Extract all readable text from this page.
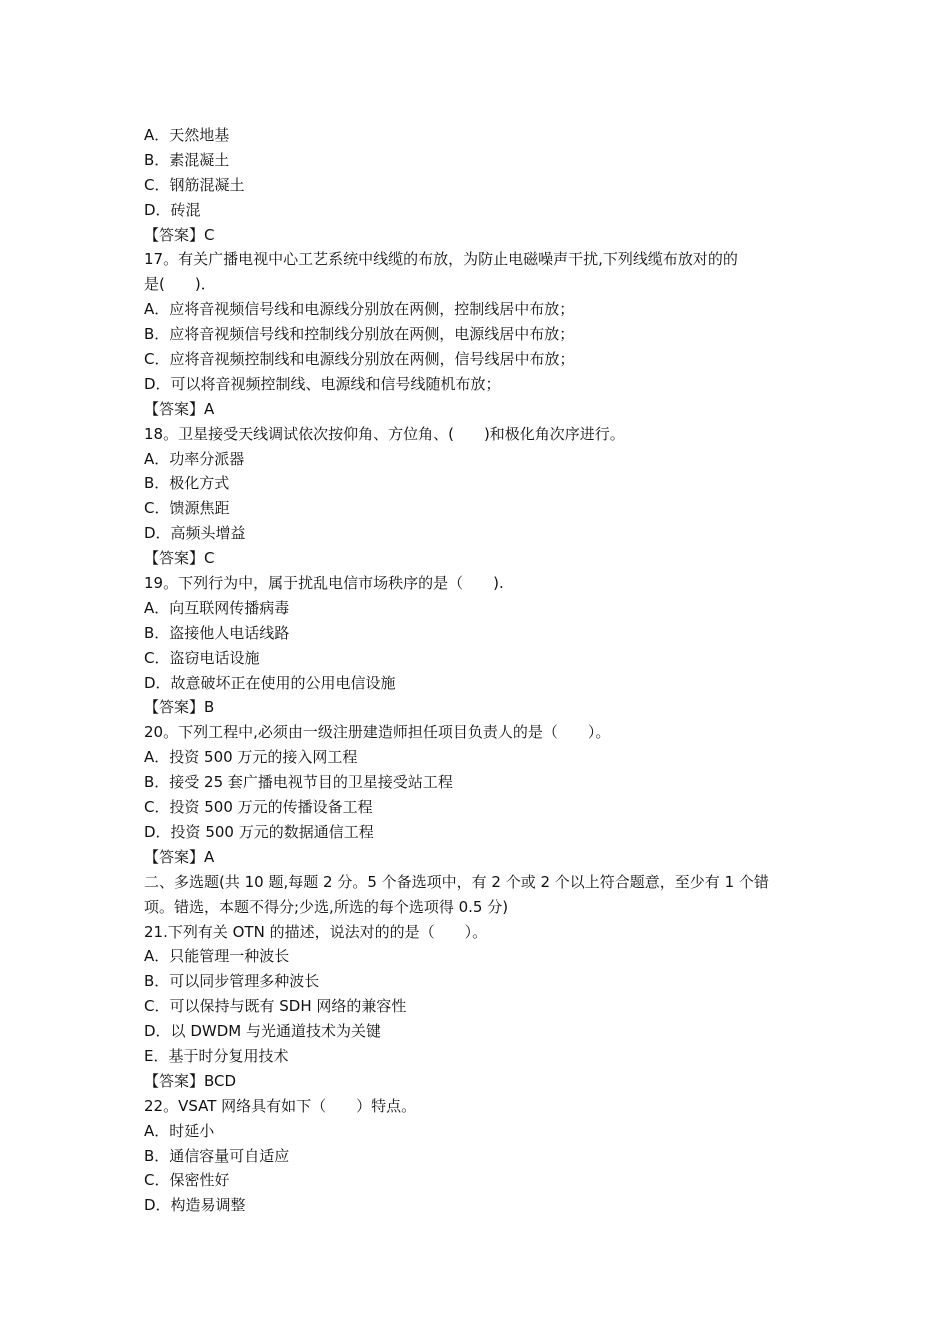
A．天然地基
B．素混凝土
C．钢筋混凝土
D．砖混
【答案】C
17。有关广播电视中心工艺系统中线缆的布放，为防止电磁噪声干扰,下列线缆布放对的的
是(　　)．
A．应将音视频信号线和电源线分别放在两侧，控制线居中布放；
B．应将音视频信号线和控制线分别放在两侧，电源线居中布放；
C．应将音视频控制线和电源线分别放在两侧，信号线居中布放；
D．可以将音视频控制线、电源线和信号线随机布放；
【答案】A
18。卫星接受天线调试依次按仰角、方位角、(　　)和极化角次序进行。
A．功率分派器
B．极化方式
C．馈源焦距
D．高频头增益
【答案】C
19。下列行为中，属于扰乱电信市场秩序的是（　　).
A．向互联网传播病毒
B．盗接他人电话线路
C．盗窃电话设施
D．故意破坏正在使用的公用电信设施
【答案】B
20。下列工程中,必须由一级注册建造师担任项目负责人的是（　　）。
A．投资 500 万元的接入网工程
B．接受 25 套广播电视节目的卫星接受站工程
C．投资 500 万元的传播设备工程
D．投资 500 万元的数据通信工程
【答案】A
二、多选题(共 10 题,每题 2 分。5 个备选项中，有 2 个或 2 个以上符合题意，至少有 1 个错
项。错选，本题不得分;少选,所选的每个选项得 0.5 分)
21.下列有关 OTN 的描述，说法对的的是（　　）。
A．只能管理一种波长
B．可以同步管理多种波长
C．可以保持与既有 SDH 网络的兼容性
D．以 DWDM 与光通道技术为关键
E．基于时分复用技术
【答案】BCD
22。VSAT 网络具有如下（　　）特点。
A．时延小
B．通信容量可自适应
C．保密性好
D．构造易调整
